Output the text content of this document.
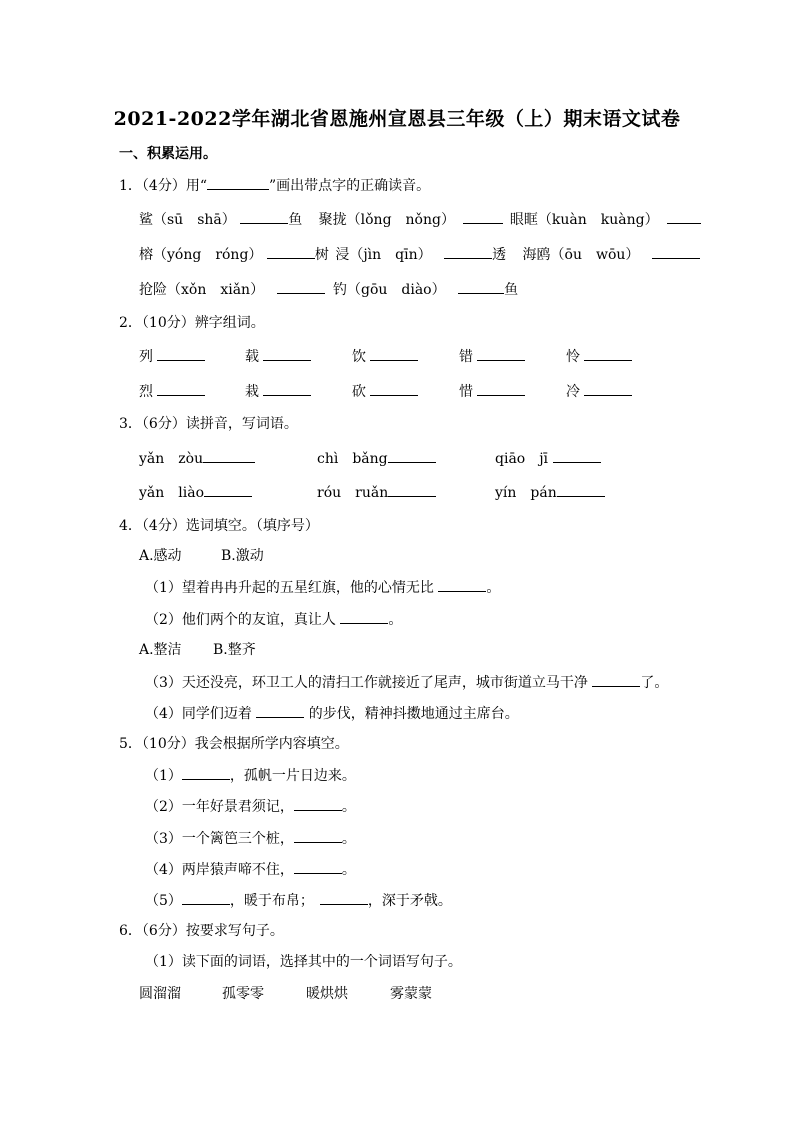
2021-2022学年湖北省恩施州宣恩县三年级（上）期末语文试卷
一、积累运用。
1．（4分）用“	”画出带点字的正确读音。
鲨（sū　shā）	鱼 聚拢（lǒng　nǒng）	眼眶（kuàn　kuàng）
榕（yóng　róng）	树 浸（jìn　qīn）	透 海鸥（ōu　wōu）
抢险（xǒn　xiǎn）	钓（gōu　diào）	鱼
2．（10分）辨字组词。
列	载	饮	错	怜
烈	栽	砍	惜	冷
3．（6分）读拼音，写词语。
yǎn　zòu	chì　bǎng	qiāo　jī
yǎn　liào	róu　ruǎn	yín　pán
4．（4分）选词填空。（填序号）
A.感动	B.激动
（1）望着冉冉升起的五星红旗，他的心情无比	。
（2）他们两个的友谊，真让人	。
A.整洁 B.整齐
（3）天还没亮，环卫工人的清扫工作就接近了尾声，城市街道立马干净	了。
（4）同学们迈着	的步伐，精神抖擞地通过主席台。
5．（10分）我会根据所学内容填空。
（1）	，孤帆一片日边来。
（2）一年好景君须记，	。
（3）一个篱笆三个桩，	。
（4）两岸猿声啼不住，	。
（5）	，暖于布帛；	，深于矛戟。
6．（6分）按要求写句子。
（1）读下面的词语，选择其中的一个词语写句子。
圆溜溜	孤零零	暖烘烘	雾蒙蒙
